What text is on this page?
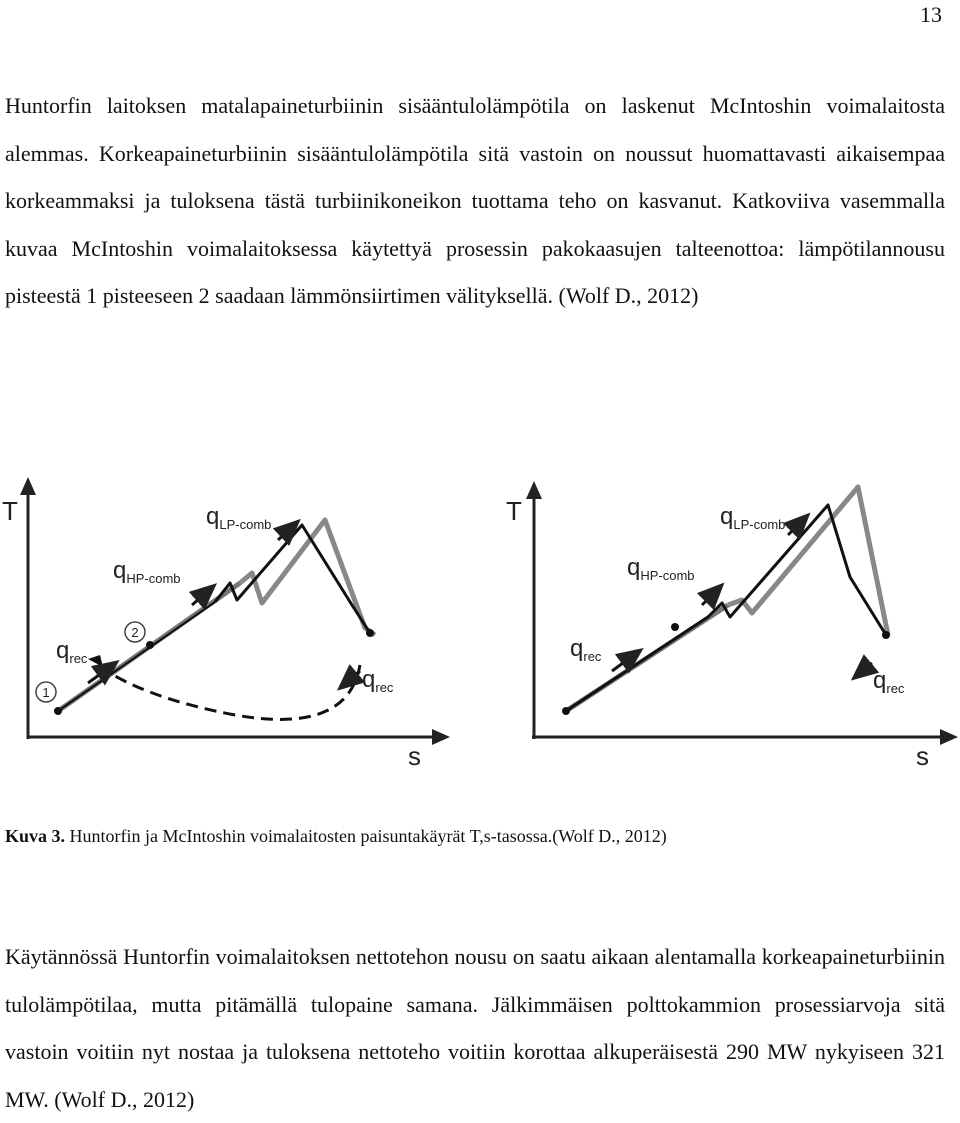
13

Huntorfin laitoksen matalapaineturbiinin sisääntulolämpötila on laskenut McIntoshin voimalaitosta alemmas. Korkeapaineturbiinin sisääntulolämpötila sitä vastoin on noussut huomattavasti aikaisempaa korkeammaksi ja tuloksena tästä turbiinikoneikon tuottama teho on kasvanut. Katkoviiva vasemmalla kuvaa McIntoshin voimalaitoksessa käytettyä prosessin pakokaasujen talteenottoa: lämpötilannousu pisteestä 1 pisteeseen 2 saadaan lämmönsiirtimen välityksellä. (Wolf D., 2012)

1
2
T
s
$q_{LP-comb}$
$q_{HP-comb}$
$q_{rec}$
$q_{rec}$
T
s
$q_{LP-comb}$
$q_{HP-comb}$
$q_{rec}$
$q_{rec}$
Kuva 3. Huntorfin ja McIntoshin voimalaitosten paisuntakäyrät T,s-tasossa.(Wolf D., 2012)

Käytännössä Huntorfin voimalaitoksen nettotehon nousu on saatu aikaan alentamalla korkeapaineturbiinin tulolämpötilaa, mutta pitämällä tulopaine samana. Jälkimmäisen polttokammion prosessiarvoja sitä vastoin voitiin nyt nostaa ja tuloksena nettoteho voitiin korottaa alkuperäisestä 290 MW nykyiseen 321 MW. (Wolf D., 2012)
